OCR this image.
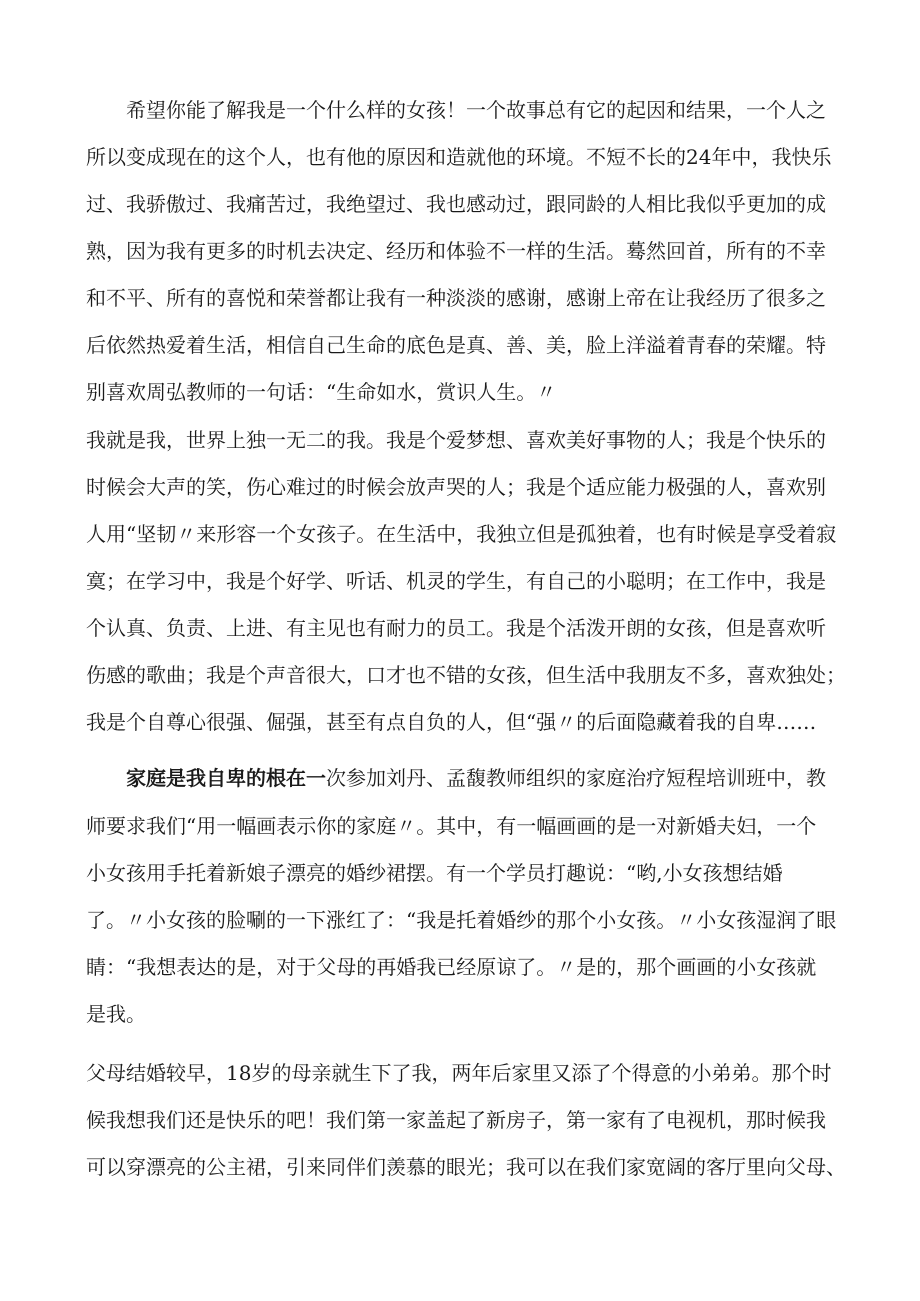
希望你能了解我是一个什么样的女孩！一个故事总有它的起因和结果，一个人之
所以变成现在的这个人，也有他的原因和造就他的环境。不短不长的24年中，我快乐
过、我骄傲过、我痛苦过，我绝望过、我也感动过，跟同龄的人相比我似乎更加的成
熟，因为我有更多的时机去决定、经历和体验不一样的生活。蓦然回首，所有的不幸
和不平、所有的喜悦和荣誉都让我有一种淡淡的感谢，感谢上帝在让我经历了很多之
后依然热爱着生活，相信自己生命的底色是真、善、美，脸上洋溢着青春的荣耀。特
别喜欢周弘教师的一句话：“生命如水，赏识人生。〃
我就是我，世界上独一无二的我。我是个爱梦想、喜欢美好事物的人；我是个快乐的
时候会大声的笑，伤心难过的时候会放声哭的人；我是个适应能力极强的人，喜欢别
人用“坚韧〃来形容一个女孩子。在生活中，我独立但是孤独着，也有时候是享受着寂
寞；在学习中，我是个好学、听话、机灵的学生，有自己的小聪明；在工作中，我是
个认真、负责、上进、有主见也有耐力的员工。我是个活泼开朗的女孩，但是喜欢听
伤感的歌曲；我是个声音很大，口才也不错的女孩，但生活中我朋友不多，喜欢独处；
我是个自尊心很强、倔强，甚至有点自负的人，但“强〃的后面隐藏着我的自卑……
家庭是我自卑的根在一次参加刘丹、孟馥教师组织的家庭治疗短程培训班中，教
师要求我们“用一幅画表示你的家庭〃。其中，有一幅画画的是一对新婚夫妇，一个
小女孩用手托着新娘子漂亮的婚纱裙摆。有一个学员打趣说：“哟,小女孩想结婚
了。〃小女孩的脸唰的一下涨红了：“我是托着婚纱的那个小女孩。〃小女孩湿润了眼
睛：“我想表达的是，对于父母的再婚我已经原谅了。〃是的，那个画画的小女孩就
是我。
父母结婚较早，18岁的母亲就生下了我，两年后家里又添了个得意的小弟弟。那个时
候我想我们还是快乐的吧！我们第一家盖起了新房子，第一家有了电视机，那时候我
可以穿漂亮的公主裙，引来同伴们羡慕的眼光；我可以在我们家宽阔的客厅里向父母、
